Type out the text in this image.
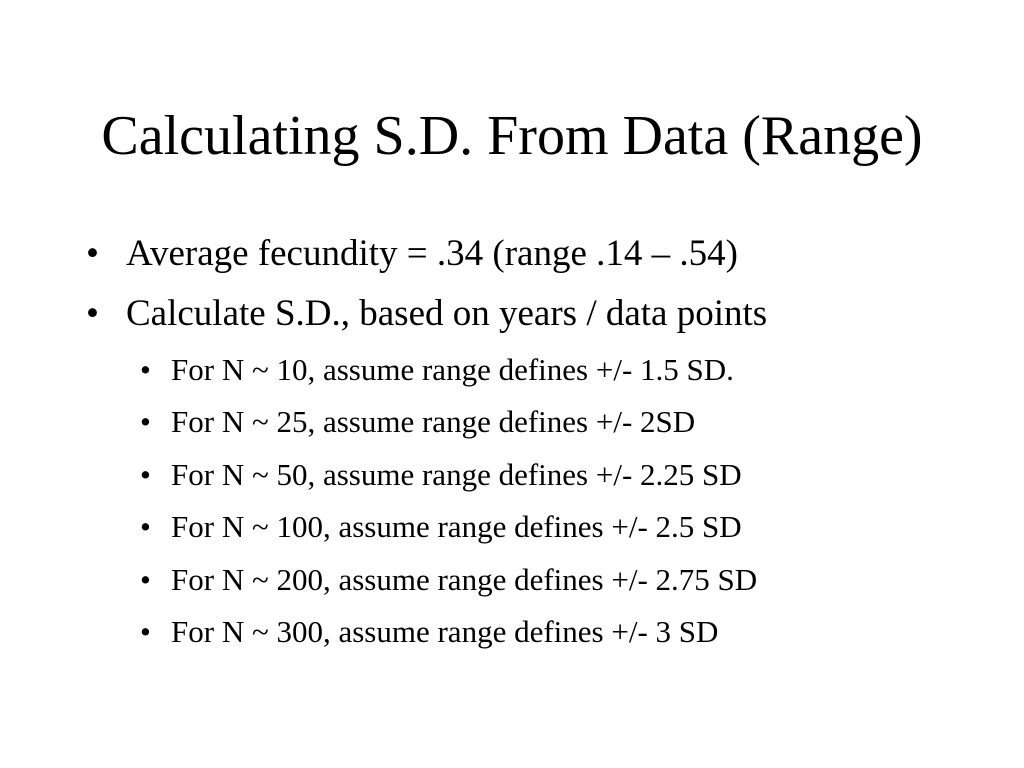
Calculating S.D. From Data (Range)
• Average fecundity = .34 (range .14 – .54)
• Calculate S.D., based on years / data points
• For N ~ 10, assume range defines +/- 1.5 SD.
• For N ~ 25, assume range defines +/- 2SD
• For N ~ 50, assume range defines +/- 2.25 SD
• For N ~ 100, assume range defines +/- 2.5 SD
• For N ~ 200, assume range defines +/- 2.75 SD
• For N ~ 300, assume range defines +/- 3 SD
